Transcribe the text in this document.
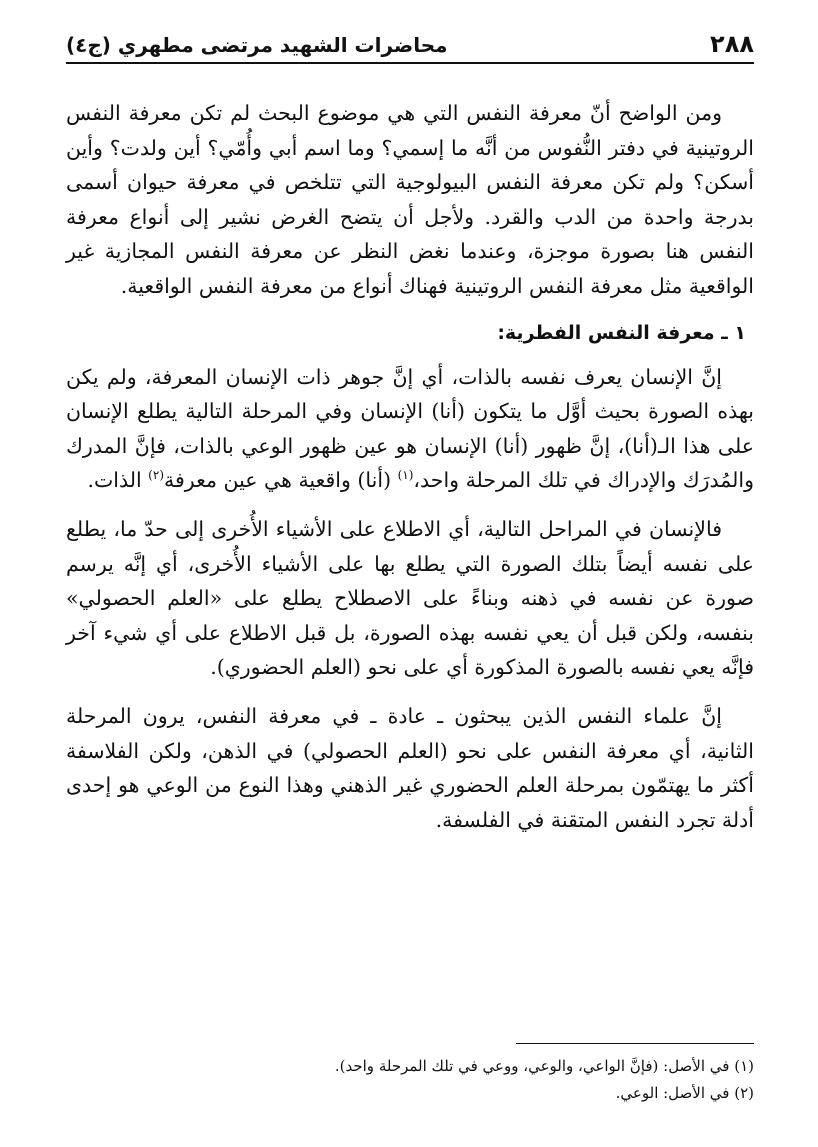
٢٨٨
محاضرات الشهيد مرتضى مطهري (ج٤)

ومن الواضح أنّ معرفة النفس التي هي موضوع البحث لم تكن معرفة النفس الروتينية في دفتر النُّفوس من أنَّه ما إسمي؟ وما اسم أبي وأُمّي؟ أين ولدت؟ وأين أسكن؟ ولم تكن معرفة النفس البيولوجية التي تتلخص في معرفة حيوان أسمى بدرجة واحدة من الدب والقرد. ولأجل أن يتضح الغرض نشير إلى أنواع معرفة النفس هنا بصورة موجزة، وعندما نغض النظر عن معرفة النفس المجازية غير الواقعية مثل معرفة النفس الروتينية فهناك أنواع من معرفة النفس الواقعية.

١ ـ معرفة النفس الفطرية:

إنَّ الإنسان يعرف نفسه بالذات، أي إنَّ جوهر ذات الإنسان المعرفة، ولم يكن بهذه الصورة بحيث أوَّل ما يتكون (أنا) الإنسان وفي المرحلة التالية يطلع الإنسان على هذا الـ(أنا)، إنَّ ظهور (أنا) الإنسان هو عين ظهور الوعي بالذات، فإنَّ المدرك والمُدرَك والإدراك في تلك المرحلة واحد،$^{(١)}$ (أنا) واقعية هي عين معرفة$^{(٢)}$ الذات.

فالإنسان في المراحل التالية، أي الاطلاع على الأشياء الأُخرى إلى حدّ ما، يطلع على نفسه أيضاً بتلك الصورة التي يطلع بها على الأشياء الأُخرى، أي إنَّه يرسم صورة عن نفسه في ذهنه وبناءً على الاصطلاح يطلع على «العلم الحصولي» بنفسه، ولكن قبل أن يعي نفسه بهذه الصورة، بل قبل الاطلاع على أي شيء آخر فإنَّه يعي نفسه بالصورة المذكورة أي على نحو (العلم الحضوري).

إنَّ علماء النفس الذين يبحثون ـ عادة ـ في معرفة النفس، يرون المرحلة الثانية، أي معرفة النفس على نحو (العلم الحصولي) في الذهن، ولكن الفلاسفة أكثر ما يهتمّون بمرحلة العلم الحضوري غير الذهني وهذا النوع من الوعي هو إحدى أدلة تجرد النفس المتقنة في الفلسفة.

(١) في الأصل: (فإنَّ الواعي، والوعي، ووعي في تلك المرحلة واحد).

(٢) في الأصل: الوعي.
